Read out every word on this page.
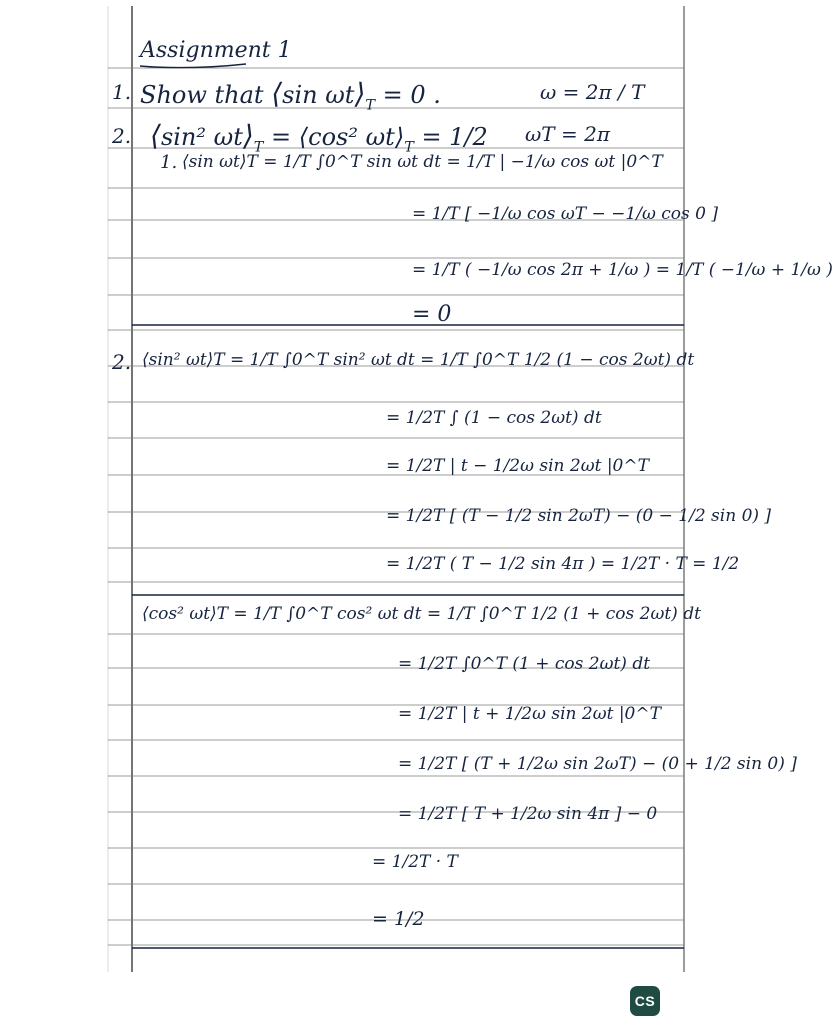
Assignment 1
1. Show that ⟨sin $\omega t⟩_T = 0$ .	ω = 2π / T
2. ⟨sin² $\omega t⟩_T$ = ⟨cos² $\omega t⟩_T = 1/2$ ωT = 2π
1. ⟨sin ωt⟩T = 1/T ∫0^T sin ωt dt = 1/T | −1/ω cos ωt |0^T
= 1/T [ −1/ω cos ωT − −1/ω cos 0 ]
= 1/T ( −1/ω cos 2π + 1/ω ) = 1/T ( −1/ω + 1/ω )
= 0
2. ⟨sin² ωt⟩T = 1/T ∫0^T sin² ωt dt = 1/T ∫0^T 1/2 (1 − cos 2ωt) dt
= 1/2T ∫ (1 − cos 2ωt) dt
= 1/2T | t − 1/2ω sin 2ωt |0^T
= 1/2T [ (T − 1/2 sin 2ωT) − (0 − 1/2 sin 0) ]
= 1/2T ( T − 1/2 sin 4π ) = 1/2T · T = 1/2
⟨cos² ωt⟩T = 1/T ∫0^T cos² ωt dt = 1/T ∫0^T 1/2 (1 + cos 2ωt) dt
= 1/2T ∫0^T (1 + cos 2ωt) dt
= 1/2T | t + 1/2ω sin 2ωt |0^T
= 1/2T [ (T + 1/2ω sin 2ωT) − (0 + 1/2 sin 0) ]
= 1/2T [ T + 1/2ω sin 4π ] − 0
= 1/2T · T
= 1/2
CS
